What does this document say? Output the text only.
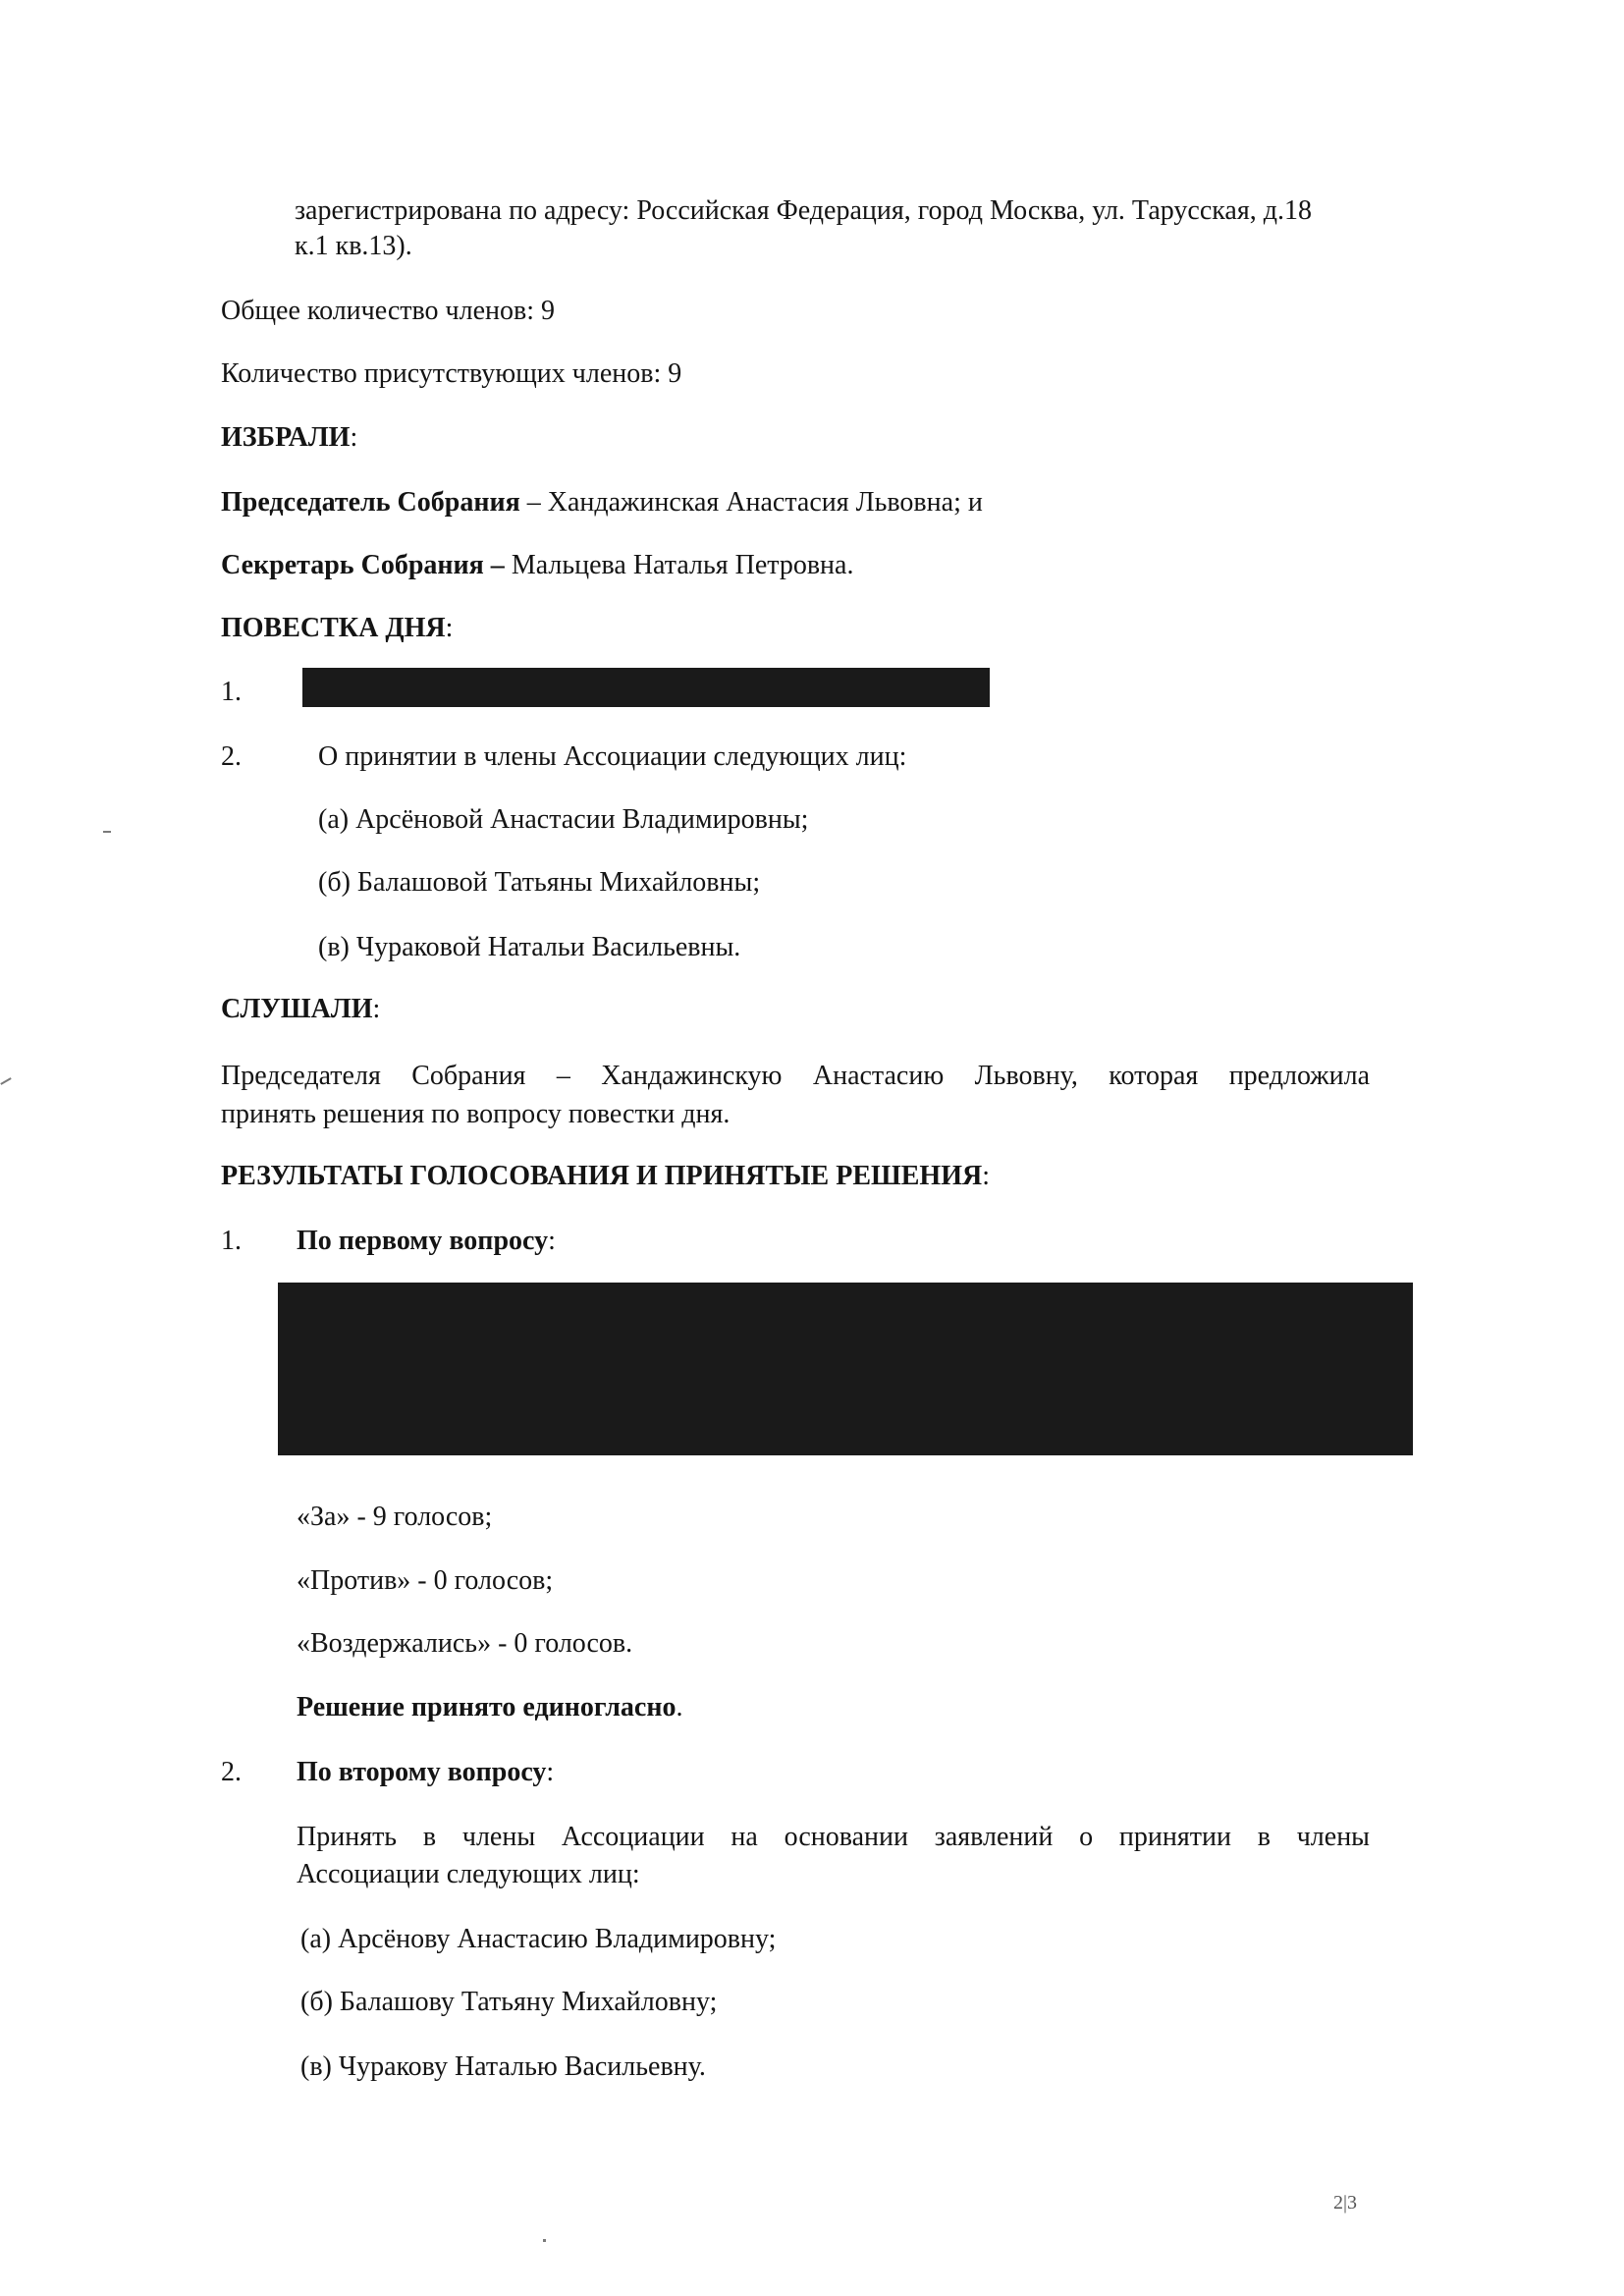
зарегистрирована по адресу: Российская Федерация, город Москва, ул. Тарусская, д.18
к.1 кв.13).
Общее количество членов: 9
Количество присутствующих членов: 9
ИЗБРАЛИ:
Председатель Собрания – Хандажинская Анастасия Львовна; и
Секретарь Собрания – Мальцева Наталья Петровна.
ПОВЕСТКА ДНЯ:
1.
2.	О принятии в члены Ассоциации следующих лиц:
(а) Арсёновой Анастасии Владимировны;
(б) Балашовой Татьяны Михайловны;
(в) Чураковой Натальи Васильевны.
СЛУШАЛИ:
Председателя Собрания – Хандажинскую Анастасию Львовну, которая предложила
принять решения по вопросу повестки дня.
РЕЗУЛЬТАТЫ ГОЛОСОВАНИЯ И ПРИНЯТЫЕ РЕШЕНИЯ:
1. По первому вопросу:
«За» - 9 голосов;
«Против» - 0 голосов;
«Воздержались» - 0 голосов.
Решение принято единогласно.
2. По второму вопросу:
Принять в члены Ассоциации на основании заявлений о принятии в члены
Ассоциации следующих лиц:
(а) Арсёнову Анастасию Владимировну;
(б) Балашову Татьяну Михайловну;
(в) Чуракову Наталью Васильевну.
2|3
